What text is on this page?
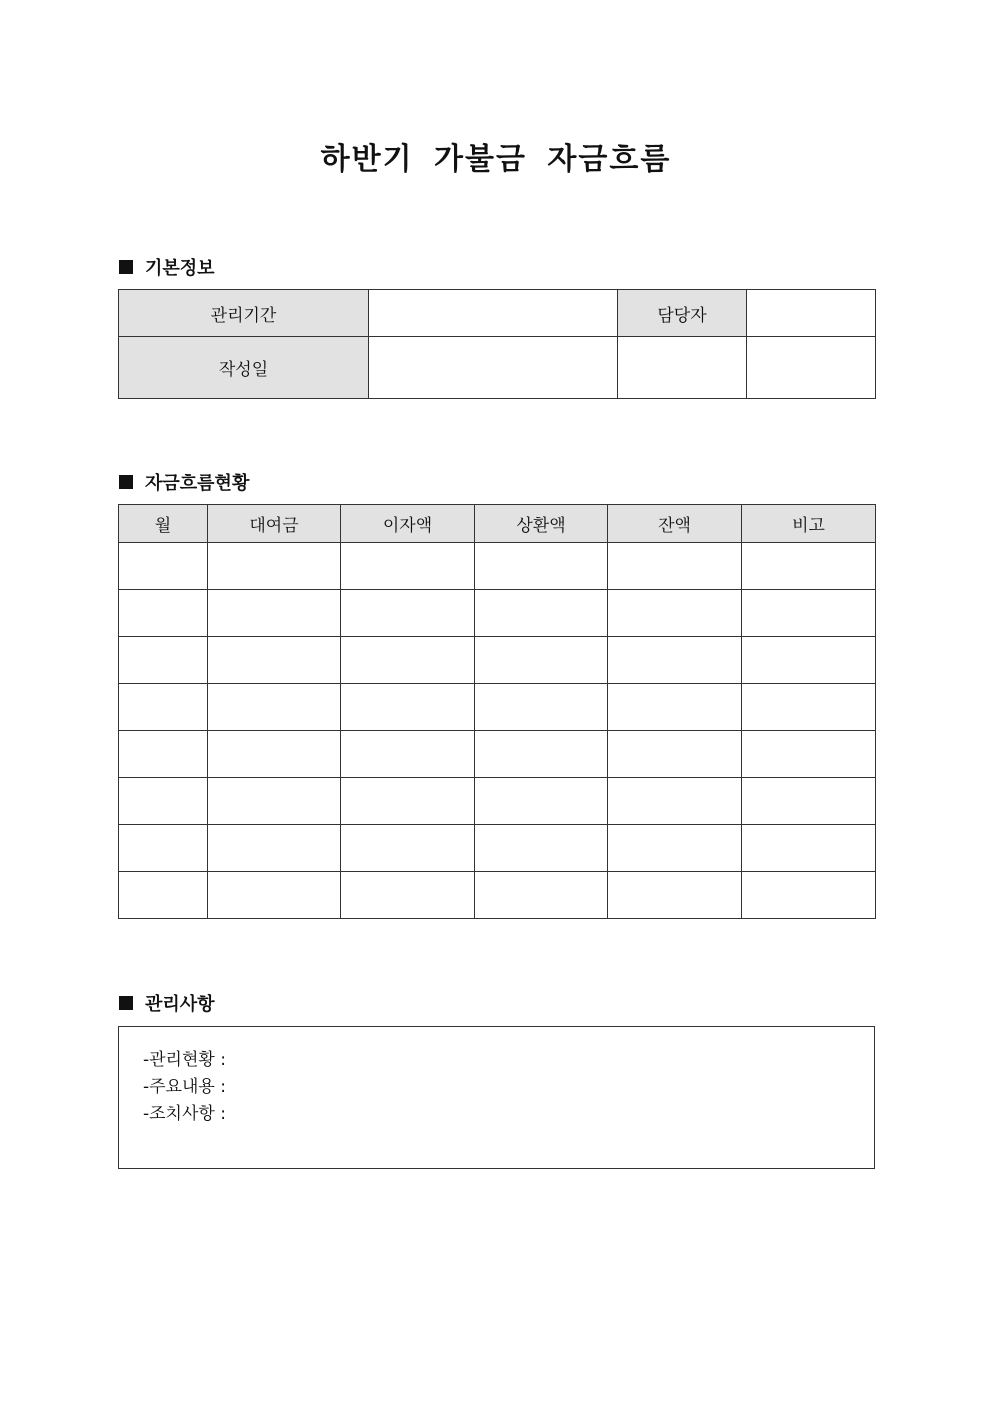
하반기 가불금 자금흐름
기본정보
관리기간		담당자	
작성일			
자금흐름현황
월	대여금	이자액	상환액	잔액	비고

관리사항
-관리현황 :
-주요내용 :
-조치사항 :
